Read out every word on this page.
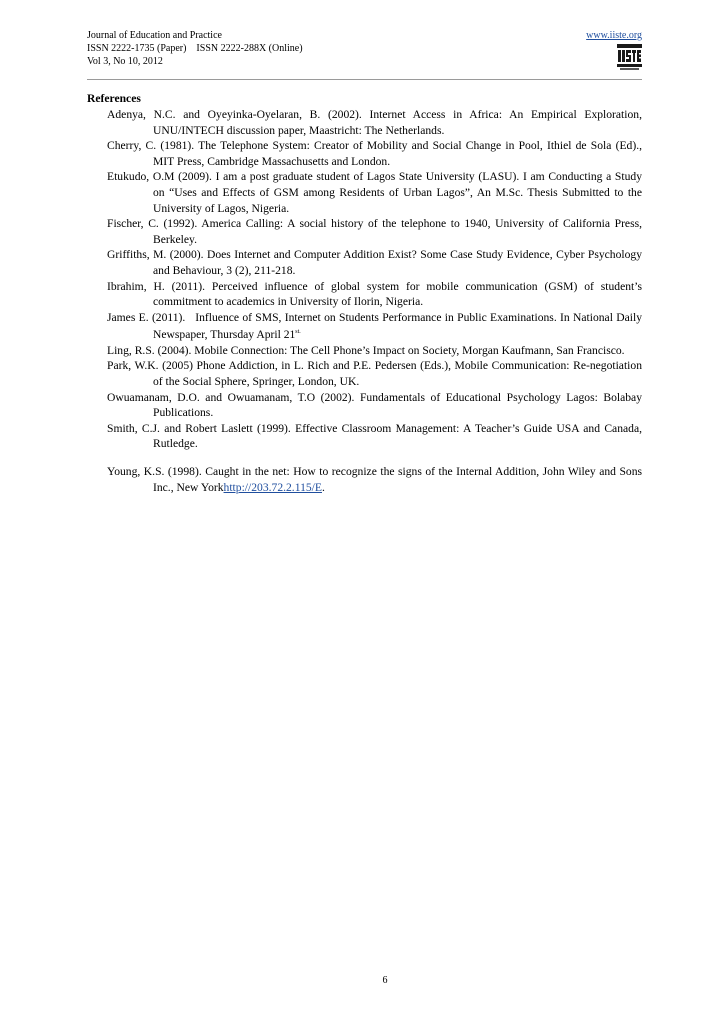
Journal of Education and Practice
ISSN 2222-1735 (Paper)    ISSN 2222-288X (Online)
Vol 3, No 10, 2012
www.iiste.org
References

Adenya, N.C. and Oyeyinka-Oyelaran, B. (2002). Internet Access in Africa: An Empirical Exploration, UNU/INTECH discussion paper, Maastricht: The Netherlands.

Cherry, C. (1981). The Telephone System: Creator of Mobility and Social Change in Pool, Ithiel de Sola (Ed)., MIT Press, Cambridge Massachusetts and London.

Etukudo, O.M (2009). I am a post graduate student of Lagos State University (LASU). I am Conducting a Study on “Uses and Effects of GSM among Residents of Urban Lagos”, An M.Sc. Thesis Submitted to the University of Lagos, Nigeria.

Fischer, C. (1992). America Calling: A social history of the telephone to 1940, University of California Press, Berkeley.

Griffiths, M. (2000). Does Internet and Computer Addition Exist? Some Case Study Evidence, Cyber Psychology and Behaviour, 3 (2), 211-218.

Ibrahim, H. (2011). Perceived influence of global system for mobile communication (GSM) of student’s commitment to academics in University of Ilorin, Nigeria.

James E. (2011).   Influence of SMS, Internet on Students Performance in Public Examinations. In National Daily Newspaper, Thursday April $21^{st.}$

Ling, R.S. (2004). Mobile Connection: The Cell Phone’s Impact on Society, Morgan Kaufmann, San Francisco.

Park, W.K. (2005) Phone Addiction, in L. Rich and P.E. Pedersen (Eds.), Mobile Communication: Re-negotiation of the Social Sphere, Springer, London, UK.

Owuamanam, D.O. and Owuamanam, T.O (2002). Fundamentals of Educational Psychology Lagos: Bolabay Publications.

Smith, C.J. and Robert Laslett (1999). Effective Classroom Management: A Teacher’s Guide USA and Canada, Rutledge.

Young, K.S. (1998). Caught in the net: How to recognize the signs of the Internal Addition, John Wiley and Sons Inc., New Yorkhttp://203.72.2.115/E.

6
